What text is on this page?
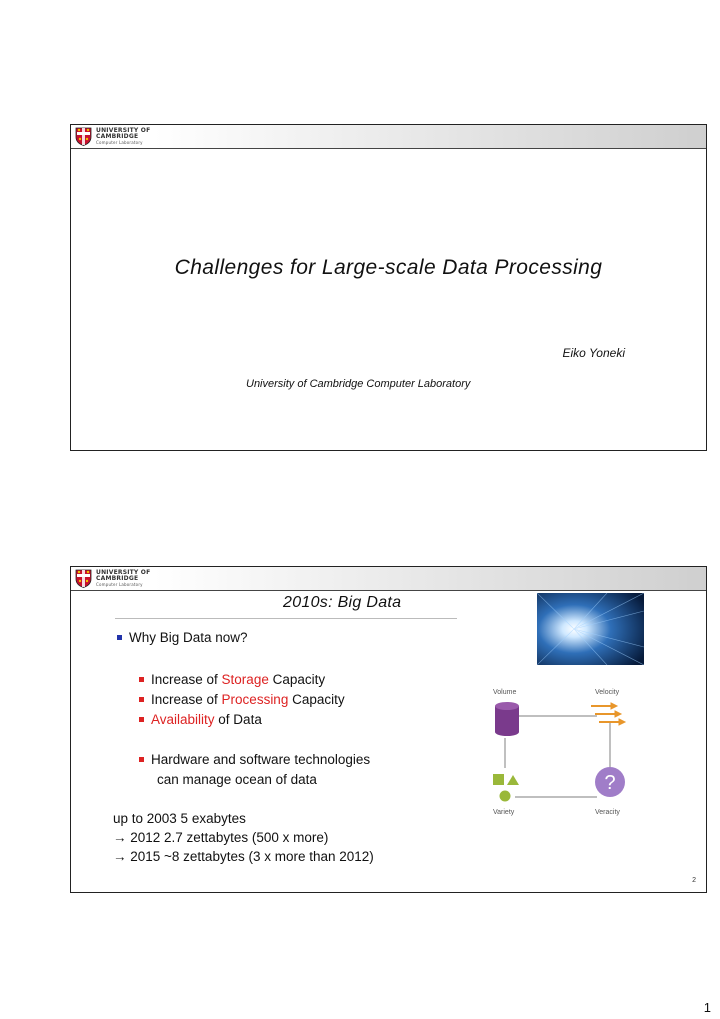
UNIVERSITY OF
CAMBRIDGE
Computer Laboratory
Challenges for Large-scale Data Processing
Eiko Yoneki
University of Cambridge Computer Laboratory
UNIVERSITY OF
CAMBRIDGE
Computer Laboratory
2010s: Big Data
Why Big Data now?
Increase of Storage Capacity
Increase of Processing Capacity
Availability of Data
Hardware and software technologies
can manage ocean of data
up to 2003 5 exabytes
→ 2012 2.7 zettabytes (500 x more)
→ 2015 ~8 zettabytes (3 x more than 2012)
Volume	Velocity
?
Variety	Veracity
2
1
